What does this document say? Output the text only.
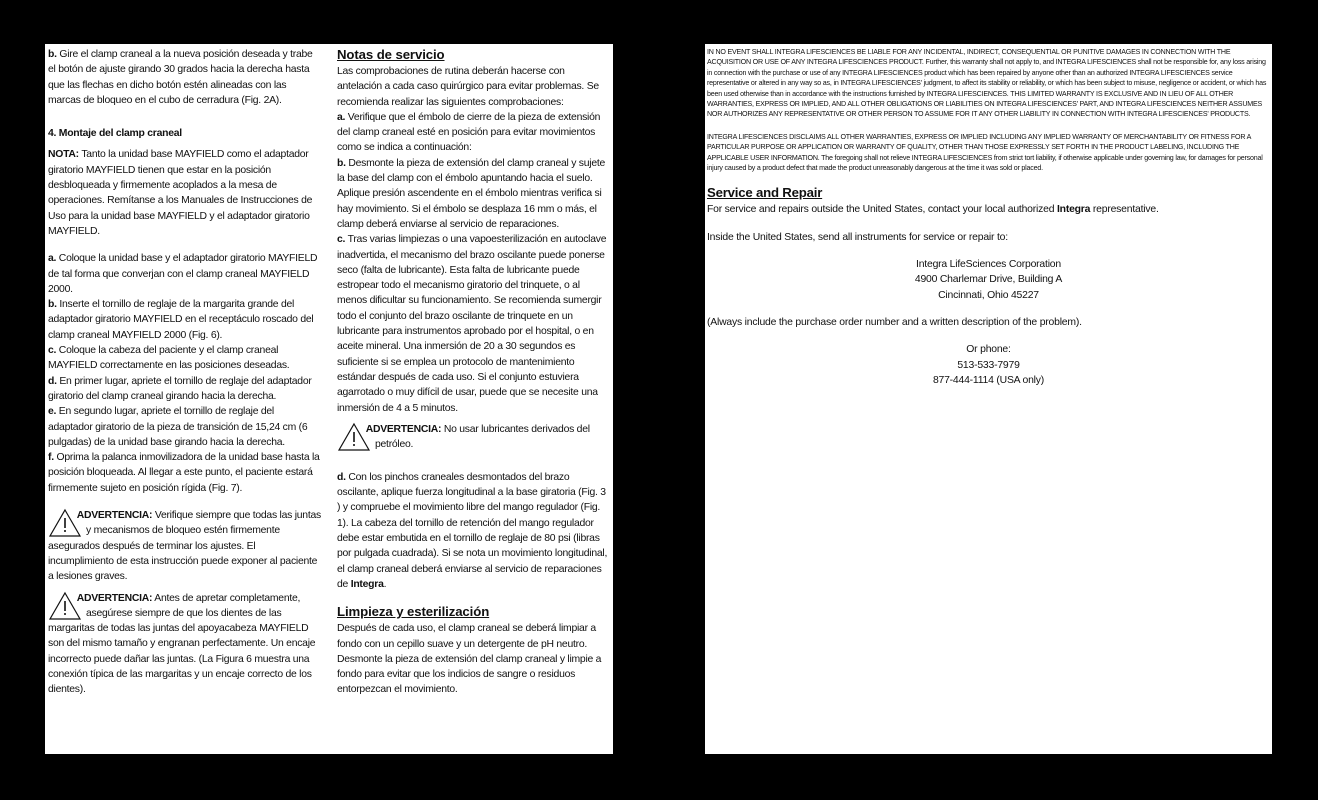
b. Gire el clamp craneal a la nueva posición deseada y trabe el botón de ajuste girando 30 grados hacia la derecha hasta que las flechas en dicho botón estén alineadas con las marcas de bloqueo en el cubo de cerradura (Fig. 2A).

4. Montaje del clamp craneal

NOTA: Tanto la unidad base MAYFIELD como el adaptador giratorio MAYFIELD tienen que estar en la posición desbloqueada y firmemente acoplados a la mesa de operaciones. Remítanse a los Manuales de Instrucciones de Uso para la unidad base MAYFIELD y el adaptador giratorio MAYFIELD.

a. Coloque la unidad base y el adaptador giratorio MAYFIELD de tal forma que converjan con el clamp craneal MAYFIELD 2000.

b. Inserte el tornillo de reglaje de la margarita grande del adaptador giratorio MAYFIELD en el receptáculo roscado del clamp craneal MAYFIELD 2000 (Fig. 6).

c. Coloque la cabeza del paciente y el clamp craneal MAYFIELD correctamente en las posiciones deseadas.

d. En primer lugar, apriete el tornillo de reglaje del adaptador giratorio del clamp craneal girando hacia la derecha.

e. En segundo lugar, apriete el tornillo de reglaje del adaptador giratorio de la pieza de transición de 15,24 cm (6 pulgadas) de la unidad base girando hacia la derecha.

f. Oprima la palanca inmovilizadora de la unidad base hasta la posición bloqueada. Al llegar a este punto, el paciente estará firmemente sujeto en posición rígida (Fig. 7).

ADVERTENCIA: Verifique siempre que todas las juntas y mecanismos de bloqueo estén firmemente asegurados después de terminar los ajustes. El incumplimiento de esta instrucción puede exponer al paciente a lesiones graves.

ADVERTENCIA: Antes de apretar completamente, asegúrese siempre de que los dientes de las margaritas de todas las juntas del apoyacabeza MAYFIELD son del mismo tamaño y engranan perfectamente. Un encaje incorrecto puede dañar las juntas. (La Figura 6 muestra una conexión típica de las margaritas y un encaje correcto de los dientes).

Notas de servicio

Las comprobaciones de rutina deberán hacerse con antelación a cada caso quirúrgico para evitar problemas. Se recomienda realizar las siguientes comprobaciones:

a. Verifique que el émbolo de cierre de la pieza de extensión del clamp craneal esté en posición para evitar movimientos como se indica a continuación:

b. Desmonte la pieza de extensión del clamp craneal y sujete la base del clamp con el émbolo apuntando hacia el suelo. Aplique presión ascendente en el émbolo mientras verifica si hay movimiento. Si el émbolo se desplaza 16 mm o más, el clamp deberá enviarse al servicio de reparaciones.

c. Tras varias limpiezas o una vapoesterilización en autoclave inadvertida, el mecanismo del brazo oscilante puede ponerse seco (falta de lubricante). Esta falta de lubricante puede estropear todo el mecanismo giratorio del trinquete, o al menos dificultar su funcionamiento. Se recomienda sumergir todo el conjunto del brazo oscilante de trinquete en un lubricante para instrumentos aprobado por el hospital, o en aceite mineral. Una inmersión de 20 a 30 segundos es suficiente si se emplea un protocolo de mantenimiento estándar después de cada uso. Si el conjunto estuviera agarrotado o muy difícil de usar, puede que se necesite una inmersión de 4 a 5 minutos.

ADVERTENCIA: No usar lubricantes derivados del petróleo.

d. Con los pinchos craneales desmontados del brazo oscilante, aplique fuerza longitudinal a la base giratoria (Fig. 3 ) y compruebe el movimiento libre del mango regulador (Fig. 1). La cabeza del tornillo de retención del mango regulador debe estar embutida en el tornillo de reglaje de 80 psi (libras por pulgada cuadrada). Si se nota un movimiento longitudinal, el clamp craneal deberá enviarse al servicio de reparaciones de Integra.

Limpieza y esterilización

Después de cada uso, el clamp craneal se deberá limpiar a fondo con un cepillo suave y un detergente de pH neutro. Desmonte la pieza de extensión del clamp craneal y limpie a fondo para evitar que los indicios de sangre o residuos entorpezcan el movimiento.

IN NO EVENT SHALL INTEGRA LIFESCIENCES BE LIABLE FOR ANY INCIDENTAL, INDIRECT, CONSEQUENTIAL OR PUNITIVE DAMAGES IN CONNECTION WITH THE ACQUISITION OR USE OF ANY INTEGRA LIFESCIENCES PRODUCT. Further, this warranty shall not apply to, and INTEGRA LIFESCIENCES shall not be responsible for, any loss arising in connection with the purchase or use of any INTEGRA LIFESCIENCES product which has been repaired by anyone other than an authorized INTEGRA LIFESCIENCES service representative or altered in any way so as, in INTEGRA LIFESCIENCES' judgment, to affect its stability or reliability, or which has been subject to misuse, negligence or accident, or which has been used otherwise than in accordance with the instructions furnished by INTEGRA LIFESCIENCES. THIS LIMITED WARRANTY IS EXCLUSIVE AND IN LIEU OF ALL OTHER WARRANTIES, EXPRESS OR IMPLIED, AND ALL OTHER OBLIGATIONS OR LIABILITIES ON INTEGRA LIFESCIENCES' PART, AND INTEGRA LIFESCIENCES NEITHER ASSUMES NOR AUTHORIZES ANY REPRESENTATIVE OR OTHER PERSON TO ASSUME FOR IT ANY OTHER LIABILITY IN CONNECTION WITH INTEGRA LIFESCIENCES' PRODUCTS.

INTEGRA LIFESCIENCES DISCLAIMS ALL OTHER WARRANTIES, EXPRESS OR IMPLIED INCLUDING ANY IMPLIED WARRANTY OF MERCHANTABILITY OR FITNESS FOR A PARTICULAR PURPOSE OR APPLICATION OR WARRANTY OF QUALITY, OTHER THAN THOSE EXPRESSLY SET FORTH IN THE PRODUCT LABELING, INCLUDING THE APPLICABLE USER INFORMATION. The foregoing shall not relieve INTEGRA LIFESCIENCES from strict tort liability, if otherwise applicable under governing law, for damages for personal injury caused by a product defect that made the product unreasonably dangerous at the time it was sold or placed.

Service and Repair

For service and repairs outside the United States, contact your local authorized Integra representative.

Inside the United States, send all instruments for service or repair to:

Integra LifeSciences Corporation

4900 Charlemar Drive, Building A

Cincinnati, Ohio 45227

(Always include the purchase order number and a written description of the problem).

Or phone:

513-533-7979

877-444-1114 (USA only)
